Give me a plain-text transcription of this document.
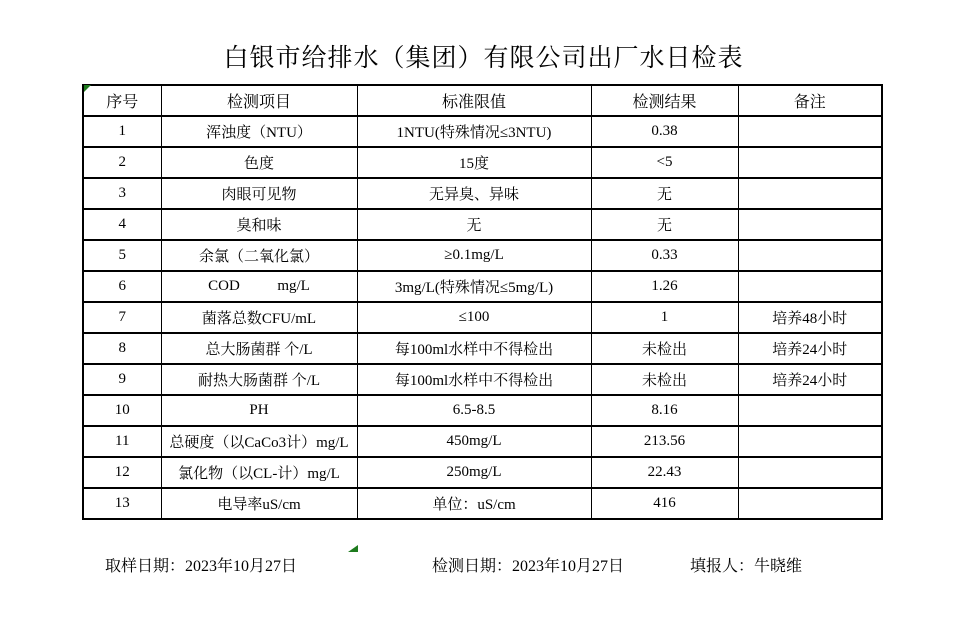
白银市给排水（集团）有限公司出厂水日检表
序号	检测项目	标准限值	检测结果	备注
1	浑浊度（NTU）	1NTU(特殊情况≤3NTU)	0.38	
2	色度	15度	<5	
3	肉眼可见物	无异臭、异味	无	
4	臭和味	无	无	
5	余氯（二氧化氯）	≥0.1mg/L	0.33	
6	COD          mg/L	3mg/L(特殊情况≤5mg/L)	1.26	
7	菌落总数CFU/mL	≤100	1	培养48小时
8	总大肠菌群 个/L	每100ml水样中不得检出	未检出	培养24小时
9	耐热大肠菌群 个/L	每100ml水样中不得检出	未检出	培养24小时
10	PH	6.5-8.5	8.16	
11	总硬度（以CaCo3计）mg/L	450mg/L	213.56	
12	氯化物（以CL-计）mg/L	250mg/L	22.43	
13	电导率uS/cm	单位：uS/cm	416	

取样日期：2023年10月27日

	检测日期：2023年10月27日

	填报人：牛晓维
